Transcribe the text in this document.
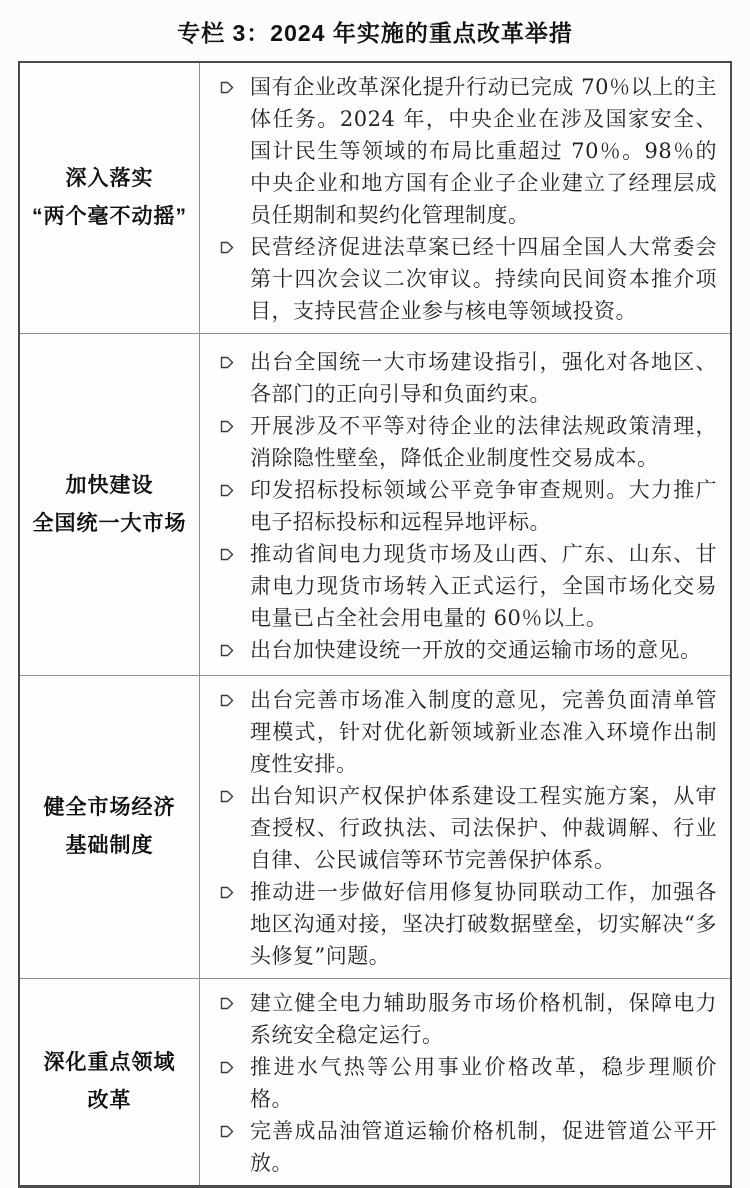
专栏 3：2024 年实施的重点改革举措
深入落实
“两个毫不动摇”

国有企业改革深化提升行动已完成 70％以上的主体任务。2024 年，中央企业在涉及国家安全、国计民生等领域的布局比重超过 70％。98％的中央企业和地方国有企业子企业建立了经理层成员任期制和契约化管理制度。

民营经济促进法草案已经十四届全国人大常委会第十四次会议二次审议。持续向民间资本推介项目，支持民营企业参与核电等领域投资。

加快建设
全国统一大市场

出台全国统一大市场建设指引，强化对各地区、各部门的正向引导和负面约束。

开展涉及不平等对待企业的法律法规政策清理，消除隐性壁垒，降低企业制度性交易成本。

印发招标投标领域公平竞争审查规则。大力推广电子招标投标和远程异地评标。

推动省间电力现货市场及山西、广东、山东、甘肃电力现货市场转入正式运行，全国市场化交易电量已占全社会用电量的 60％以上。

出台加快建设统一开放的交通运输市场的意见。

健全市场经济
基础制度

出台完善市场准入制度的意见，完善负面清单管理模式，针对优化新领域新业态准入环境作出制度性安排。

出台知识产权保护体系建设工程实施方案，从审查授权、行政执法、司法保护、仲裁调解、行业自律、公民诚信等环节完善保护体系。

推动进一步做好信用修复协同联动工作，加强各地区沟通对接，坚决打破数据壁垒，切实解决“多头修复”问题。

深化重点领域
改革

建立健全电力辅助服务市场价格机制，保障电力系统安全稳定运行。

推进水气热等公用事业价格改革，稳步理顺价格。

完善成品油管道运输价格机制，促进管道公平开放。
